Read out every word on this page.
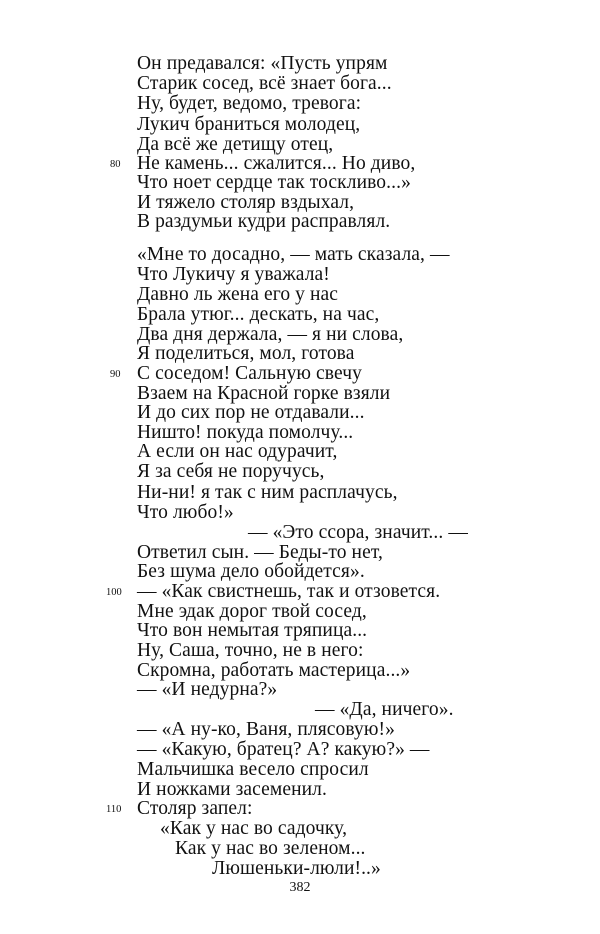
Он предавался: «Пусть упрям
Старик сосед, всё знает бога...
Ну, будет, ведомо, тревога:
Лукич браниться молодец,
Да всё же детищу отец,
Не камень... сжалится... Но диво,
Что ноет сердце так тоскливо...»
И тяжело столяр вздыхал,
В раздумьи кудри расправлял.
«Мне то досадно, — мать сказала, —
Что Лукичу я уважала!
Давно ль жена его у нас
Брала утюг... дескать, на час,
Два дня держала, — я ни слова,
Я поделиться, мол, готова
С соседом! Сальную свечу
Взаем на Красной горке взяли
И до сих пор не отдавали...
Ништо! покуда помолчу...
А если он нас одурачит,
Я за себя не поручусь,
Ни-ни! я так с ним расплачусь,
Что любо!»
— «Это ссора, значит... —
Ответил сын. — Беды-то нет,
Без шума дело обойдется».
— «Как свистнешь, так и отзовется.
Мне эдак дорог твой сосед,
Что вон немытая тряпица...
Ну, Саша, точно, не в него:
Скромна, работать мастерица...»
— «И недурна?»
— «Да, ничего».
— «А ну-ко, Ваня, плясовую!»
— «Какую, братец? А? какую?» —
Мальчишка весело спросил
И ножками засеменил.
Столяр запел:
«Как у нас во садочку,
Как у нас во зеленом...
Люшеньки-люли!..»
80
90
100
110
382
